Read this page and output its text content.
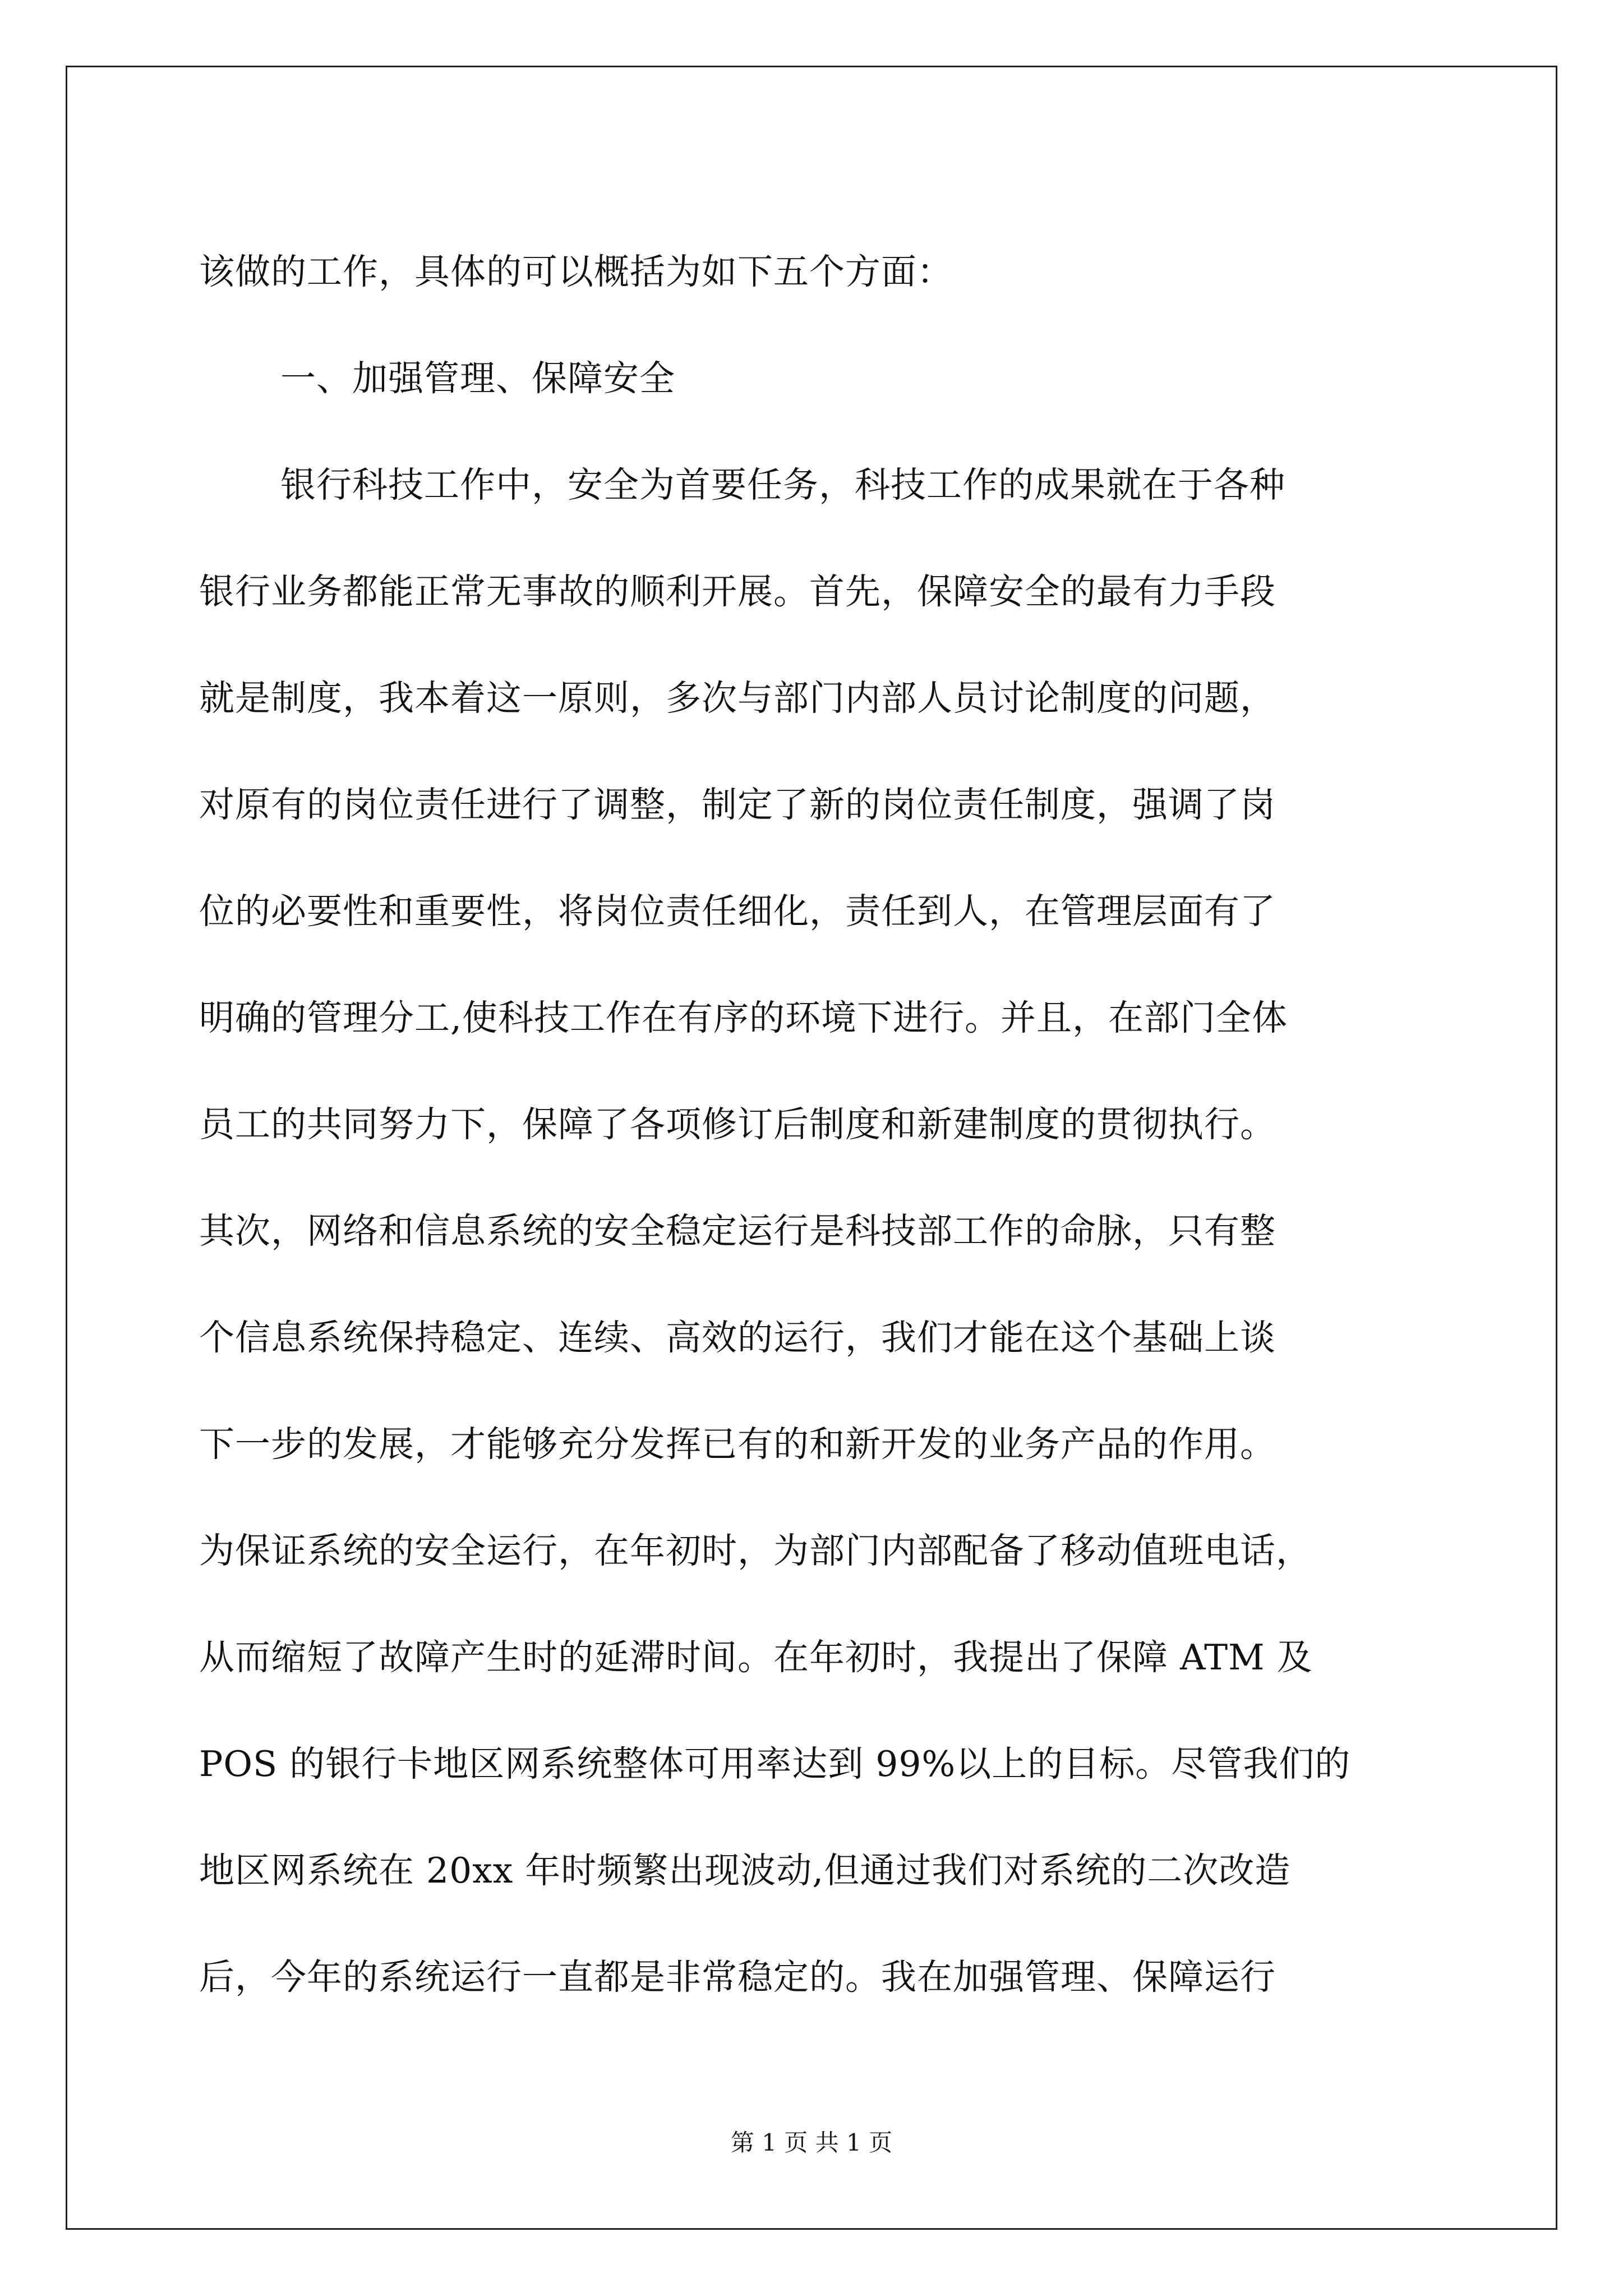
该做的工作，具体的可以概括为如下五个方面：
一、加强管理、保障安全
银行科技工作中，安全为首要任务，科技工作的成果就在于各种
银行业务都能正常无事故的顺利开展。首先，保障安全的最有力手段
就是制度，我本着这一原则，多次与部门内部人员讨论制度的问题，
对原有的岗位责任进行了调整，制定了新的岗位责任制度，强调了岗
位的必要性和重要性，将岗位责任细化，责任到人，在管理层面有了
明确的管理分工,使科技工作在有序的环境下进行。并且，在部门全体
员工的共同努力下，保障了各项修订后制度和新建制度的贯彻执行。
其次，网络和信息系统的安全稳定运行是科技部工作的命脉，只有整
个信息系统保持稳定、连续、高效的运行，我们才能在这个基础上谈
下一步的发展，才能够充分发挥已有的和新开发的业务产品的作用。
为保证系统的安全运行，在年初时，为部门内部配备了移动值班电话，
从而缩短了故障产生时的延滞时间。在年初时，我提出了保障 ATM 及
POS 的银行卡地区网系统整体可用率达到 99%以上的目标。尽管我们的
地区网系统在 20xx 年时频繁出现波动,但通过我们对系统的二次改造
后，今年的系统运行一直都是非常稳定的。我在加强管理、保障运行
第 1 页 共 1 页
